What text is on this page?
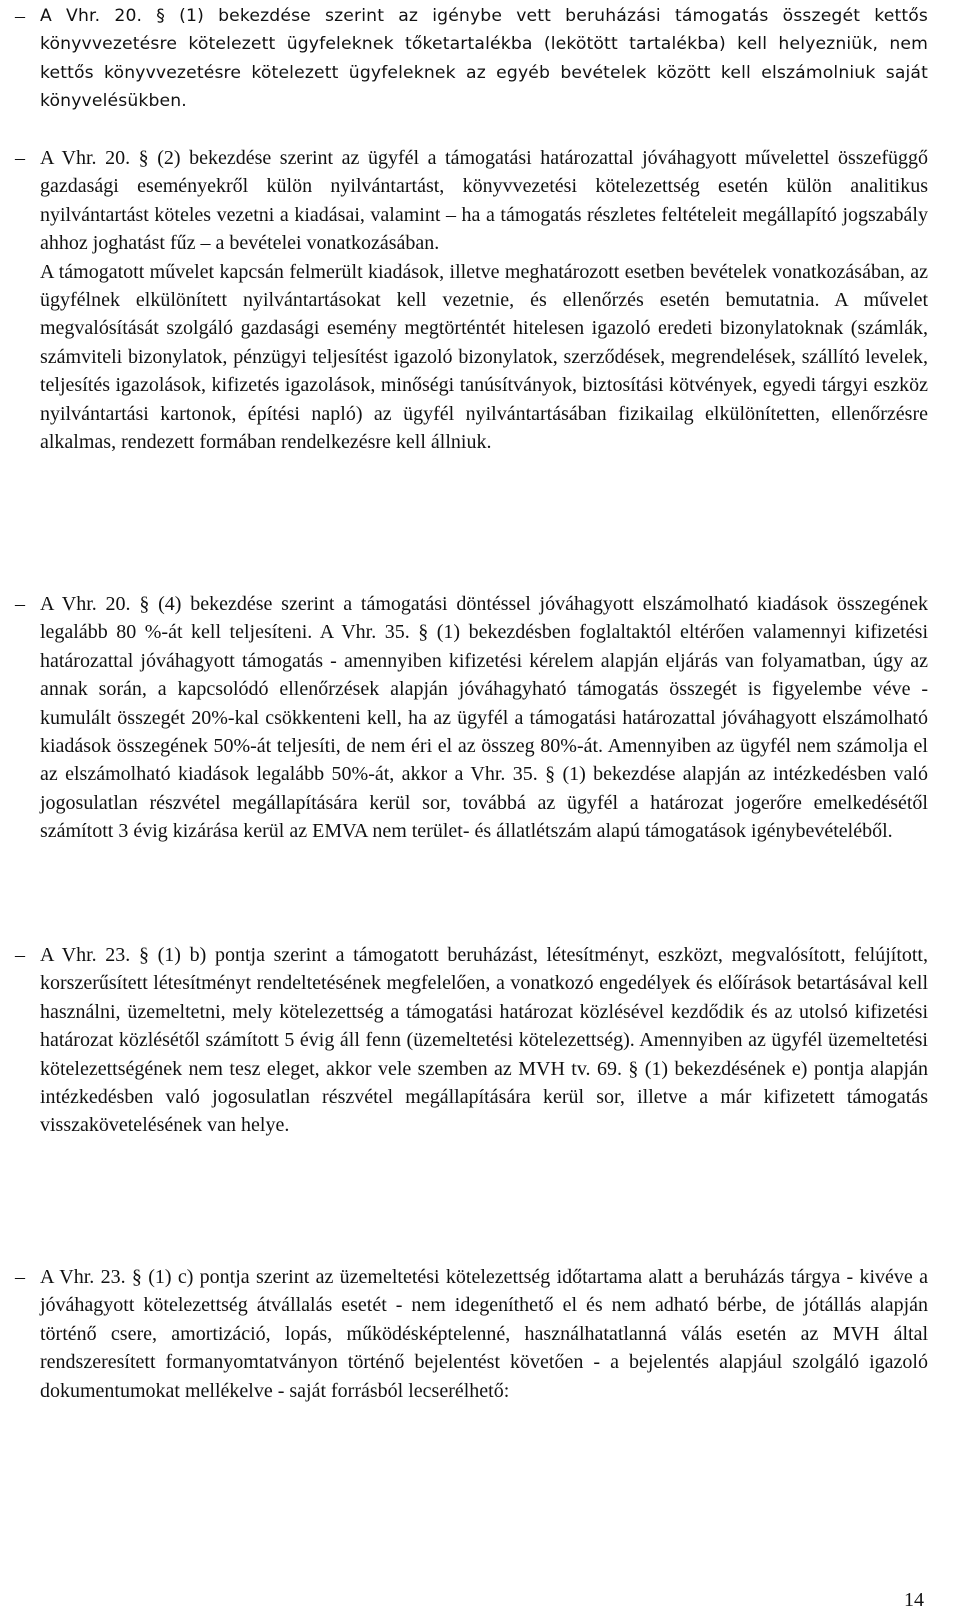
– A Vhr. 20. § (1) bekezdése szerint az igénybe vett beruházási támogatás összegét kettős könyvvezetésre kötelezett ügyfeleknek tőketartalékba (lekötött tartalékba) kell helyezniük, nem kettős könyvvezetésre kötelezett ügyfeleknek az egyéb bevételek között kell elszámolniuk saját könyvelésükben.

– A Vhr. 20. § (2) bekezdése szerint az ügyfél a támogatási határozattal jóváhagyott művelettel összefüggő gazdasági eseményekről külön nyilvántartást, könyvvezetési kötelezettség esetén külön analitikus nyilvántartást köteles vezetni a kiadásai, valamint – ha a támogatás részletes feltételeit megállapító jogszabály ahhoz joghatást fűz – a bevételei vonatkozásában.

A támogatott művelet kapcsán felmerült kiadások, illetve meghatározott esetben bevételek vonatkozásában, az ügyfélnek elkülönített nyilvántartásokat kell vezetnie, és ellenőrzés esetén bemutatnia. A művelet megvalósítását szolgáló gazdasági esemény megtörténtét hitelesen igazoló eredeti bizonylatoknak (számlák, számviteli bizonylatok, pénzügyi teljesítést igazoló bizonylatok, szerződések, megrendelések, szállító levelek, teljesítés igazolások, kifizetés igazolások, minőségi tanúsítványok, biztosítási kötvények, egyedi tárgyi eszköz nyilvántartási kartonok, építési napló) az ügyfél nyilvántartásában fizikailag elkülönítetten, ellenőrzésre alkalmas, rendezett formában rendelkezésre kell állniuk.

– A Vhr. 20. § (4) bekezdése szerint a támogatási döntéssel jóváhagyott elszámolható kiadások összegének legalább 80 %-át kell teljesíteni. A Vhr. 35. § (1) bekezdésben foglaltaktól eltérően valamennyi kifizetési határozattal jóváhagyott támogatás - amennyiben kifizetési kérelem alapján eljárás van folyamatban, úgy az annak során, a kapcsolódó ellenőrzések alapján jóváhagyható támogatás összegét is figyelembe véve - kumulált összegét 20%-kal csökkenteni kell, ha az ügyfél a támogatási határozattal jóváhagyott elszámolható kiadások összegének 50%-át teljesíti, de nem éri el az összeg 80%-át. Amennyiben az ügyfél nem számolja el az elszámolható kiadások legalább 50%-át, akkor a Vhr. 35. § (1) bekezdése alapján az intézkedésben való jogosulatlan részvétel megállapítására kerül sor, továbbá az ügyfél a határozat jogerőre emelkedésétől számított 3 évig kizárása kerül az EMVA nem terület- és állatlétszám alapú támogatások igénybevételéből.

– A Vhr. 23. § (1) b) pontja szerint a támogatott beruházást, létesítményt, eszközt, megvalósított, felújított, korszerűsített létesítményt rendeltetésének megfelelően, a vonatkozó engedélyek és előírások betartásával kell használni, üzemeltetni, mely kötelezettség a támogatási határozat közlésével kezdődik és az utolsó kifizetési határozat közlésétől számított 5 évig áll fenn (üzemeltetési kötelezettség). Amennyiben az ügyfél üzemeltetési kötelezettségének nem tesz eleget, akkor vele szemben az MVH tv. 69. § (1) bekezdésének e) pontja alapján intézkedésben való jogosulatlan részvétel megállapítására kerül sor, illetve a már kifizetett támogatás visszakövetelésének van helye.

– A Vhr. 23. § (1) c) pontja szerint az üzemeltetési kötelezettség időtartama alatt a beruházás tárgya - kivéve a jóváhagyott kötelezettség átvállalás esetét - nem idegeníthető el és nem adható bérbe, de jótállás alapján történő csere, amortizáció, lopás, működésképtelenné, használhatatlanná válás esetén az MVH által rendszeresített formanyomtatványon történő bejelentést követően - a bejelentés alapjául szolgáló igazoló dokumentumokat mellékelve - saját forrásból lecserélhető:

14
